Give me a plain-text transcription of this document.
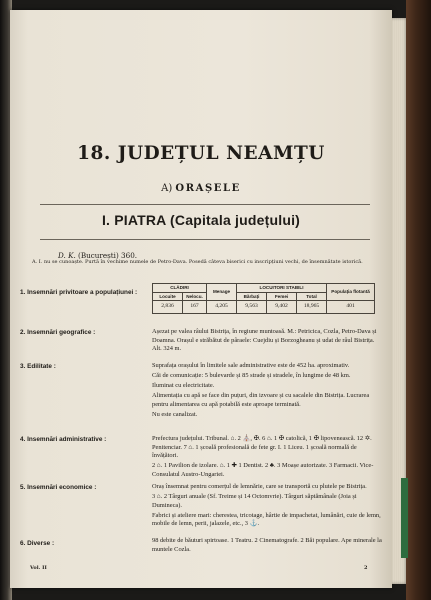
18. JUDEȚUL NEAMȚU
A) ORAȘELE
I. PIATRA (Capitala județului)
D. K. (București) 360.
A. I. nu se cunoaște. Purtă în vechime numele de Petro-Dava. Posedă câteva biserici cu inscripțiuni vechi, de însemnătate istorică.
1. Insemnări privitoare a populațiunei :
CLĂDIRI		Menage	LOCUITORI STABILI			Populația flotantă
Locuite	Nelocu.		Bărbați	Femei	Total	
2,836	167	4,205	9,563	9,402	18,965	401
2. Insemnări geografice :	Așezat pe valea râului Bistrița, în regiune muntoasă. M.: Petricica, Cozla, Petro-Dava și Doamna. Orașul e străbătut de pâraele: Cuejdiu și Borzogheanu și udat de râul Bistrița. Alt. 324 m.

3. Edilitate :	Suprafața orașului în limitele sale administrative este de 452 ha. aproximativ.

Căi de comunicație: 5 bulevarde și 85 strade și stradele, în lungime de 48 km.

Iluminat cu electricitate.

Alimentația cu apă se face din puțuri, din izvoare și cu sacalele din Bistrița. Lucrarea pentru alimentarea cu apă potabilă este aproape terminată.

Nu este canalizat.

4. Insemnări administrative :	Prefectura județului. Tribunal. ⌂. 2 ⛪, ✠. 6 ⌂. 1 ✠ catolică, 1 ✠ lipovenească. 12 ✡. Penitenciar. 7 ⌂. 1 școală profesională de fete gr. I. 1 Liceu. 1 școală normală de învățători.

2 ⌂. 1 Pavilion de izolare. ⌂. 1 ✚ 1 Dentist. 2 ♣. 3 Moașe autorizate. 3 Farmacii. Vice-Consulatul Austro-Ungariei.

5. Insemnări economice :	Oraș însemnat pentru comerțul de lemnărie, care se transportă cu plutele pe Bistrița.

3 ⌂. 2 Târguri anuale (Sf. Treime și 14 Octomvrie). Târguri săptămânale (Joia și Dumineca).

Fabrici și ateliere mari: cherestea, tricotage, hârtie de impachetat, lumânări, cuie de lemn, mobile de lemn, perii, jalazele, etc., 3 ⚓.

6. Diverse :	98 debite de băuturi spirtoase. 1 Teatru. 2 Cinematografe. 2 Băi populare. Ape minerale la muntele Cozla.

Vol. II	2
